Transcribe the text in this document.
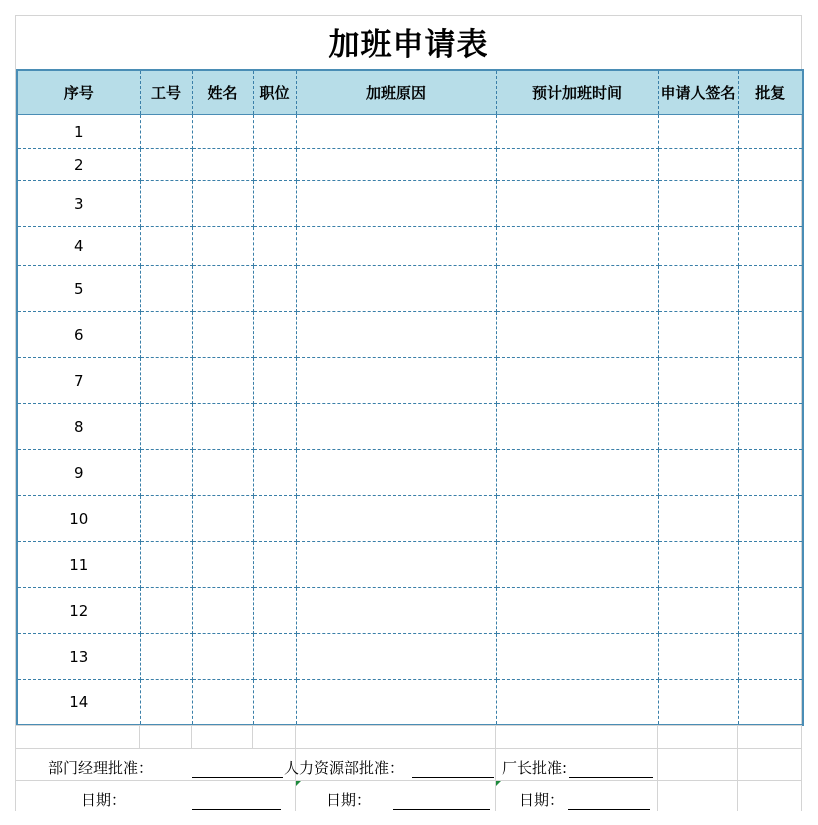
加班申请表
序号	工号	姓名	职位	加班原因	预计加班时间	申请人签名	批复
1							
2							
3							
4							
5							
6							
7							
8							
9							
10							
11							
12							
13							
14							
部门经理批准：	人力资源部批准：	厂长批准:
日期：	日期：	日期：
